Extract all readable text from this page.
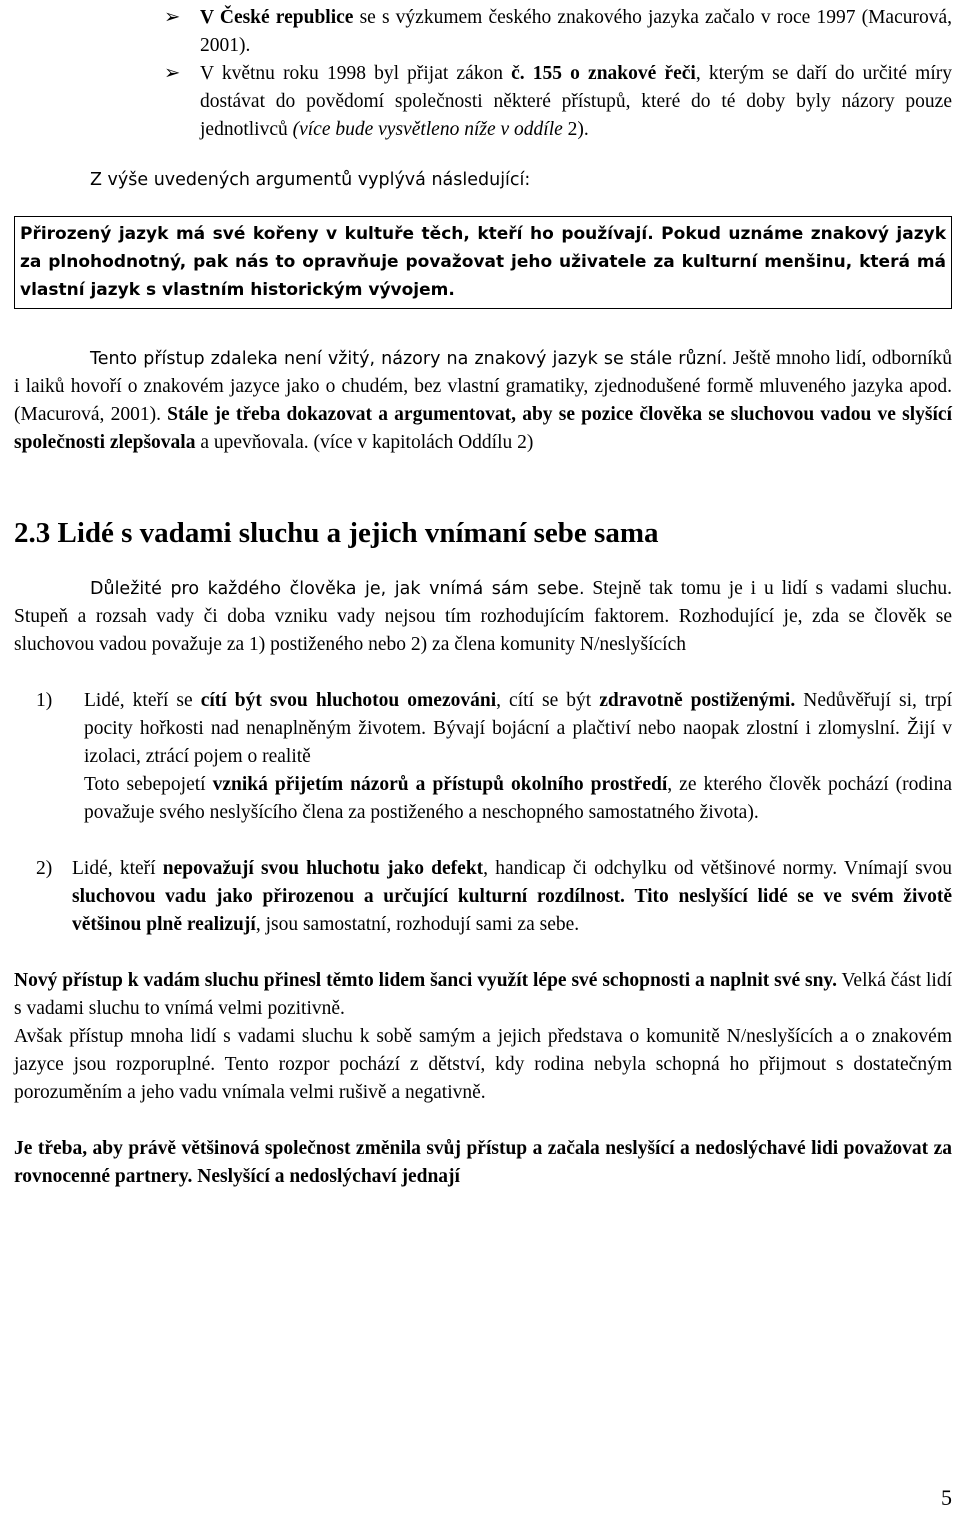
➢	V České republice se s výzkumem českého znakového jazyka začalo v roce 1997 (Macurová, 2001).

➢	V květnu roku 1998 byl přijat zákon č. 155 o znakové řeči, kterým se daří do určité míry dostávat do povědomí společnosti některé přístupů, které do té doby byly názory pouze jednotlivců (více bude vysvětleno níže v oddíle 2).

Z výše uvedených argumentů vyplývá následující:

Přirozený jazyk má své kořeny v kultuře těch, kteří ho používají. Pokud uznáme znakový jazyk za plnohodnotný, pak nás to opravňuje považovat jeho uživatele za kulturní menšinu, která má vlastní jazyk s vlastním historickým vývojem.

Tento přístup zdaleka není vžitý, názory na znakový jazyk se stále různí. Ještě mnoho lidí, odborníků i laiků hovoří o znakovém jazyce jako o chudém, bez vlastní gramatiky, zjednodušené formě mluveného jazyka apod. (Macurová, 2001). Stále je třeba dokazovat a argumentovat, aby se pozice člověka se sluchovou vadou ve slyšící společnosti zlepšovala a upevňovala. (více v kapitolách Oddílu 2)

2.3 Lidé s vadami sluchu a jejich vnímaní sebe sama

Důležité pro každého člověka je, jak vnímá sám sebe. Stejně tak tomu je i u lidí s vadami sluchu. Stupeň a rozsah vady či doba vzniku vady nejsou tím rozhodujícím faktorem. Rozhodující je, zda se člověk se sluchovou vadou považuje za 1) postiženého nebo 2) za člena komunity N/neslyšících

1)	Lidé, kteří se cítí být svou hluchotou omezováni, cítí se být zdravotně postiženými. Nedůvěřují si, trpí pocity hořkosti nad nenaplněným životem. Bývají bojácní a plačtiví nebo naopak zlostní i zlomyslní. Žijí v izolaci, ztrácí pojem o realitě

Toto sebepojetí vzniká přijetím názorů a přístupů okolního prostředí, ze kterého člověk pochází (rodina považuje svého neslyšícího člena za postiženého a neschopného samostatného života).

2)	Lidé, kteří nepovažují svou hluchotu jako defekt, handicap či odchylku od většinové normy. Vnímají svou sluchovou vadu jako přirozenou a určující kulturní rozdílnost. Tito neslyšící lidé se ve svém životě většinou plně realizují, jsou samostatní, rozhodují sami za sebe.

Nový přístup k vadám sluchu přinesl těmto lidem šanci využít lépe své schopnosti a naplnit své sny. Velká část lidí s vadami sluchu to vnímá velmi pozitivně.

Avšak přístup mnoha lidí s vadami sluchu k sobě samým a jejich představa o komunitě N/neslyšících a o znakovém jazyce jsou rozporuplné. Tento rozpor pochází z dětství, kdy rodina nebyla schopná ho přijmout s dostatečným porozuměním a jeho vadu vnímala velmi rušivě a negativně.

Je třeba, aby právě většinová společnost změnila svůj přístup a začala neslyšící a nedoslýchavé lidi považovat za rovnocenné partnery. Neslyšící a nedoslýchaví jednají

5
